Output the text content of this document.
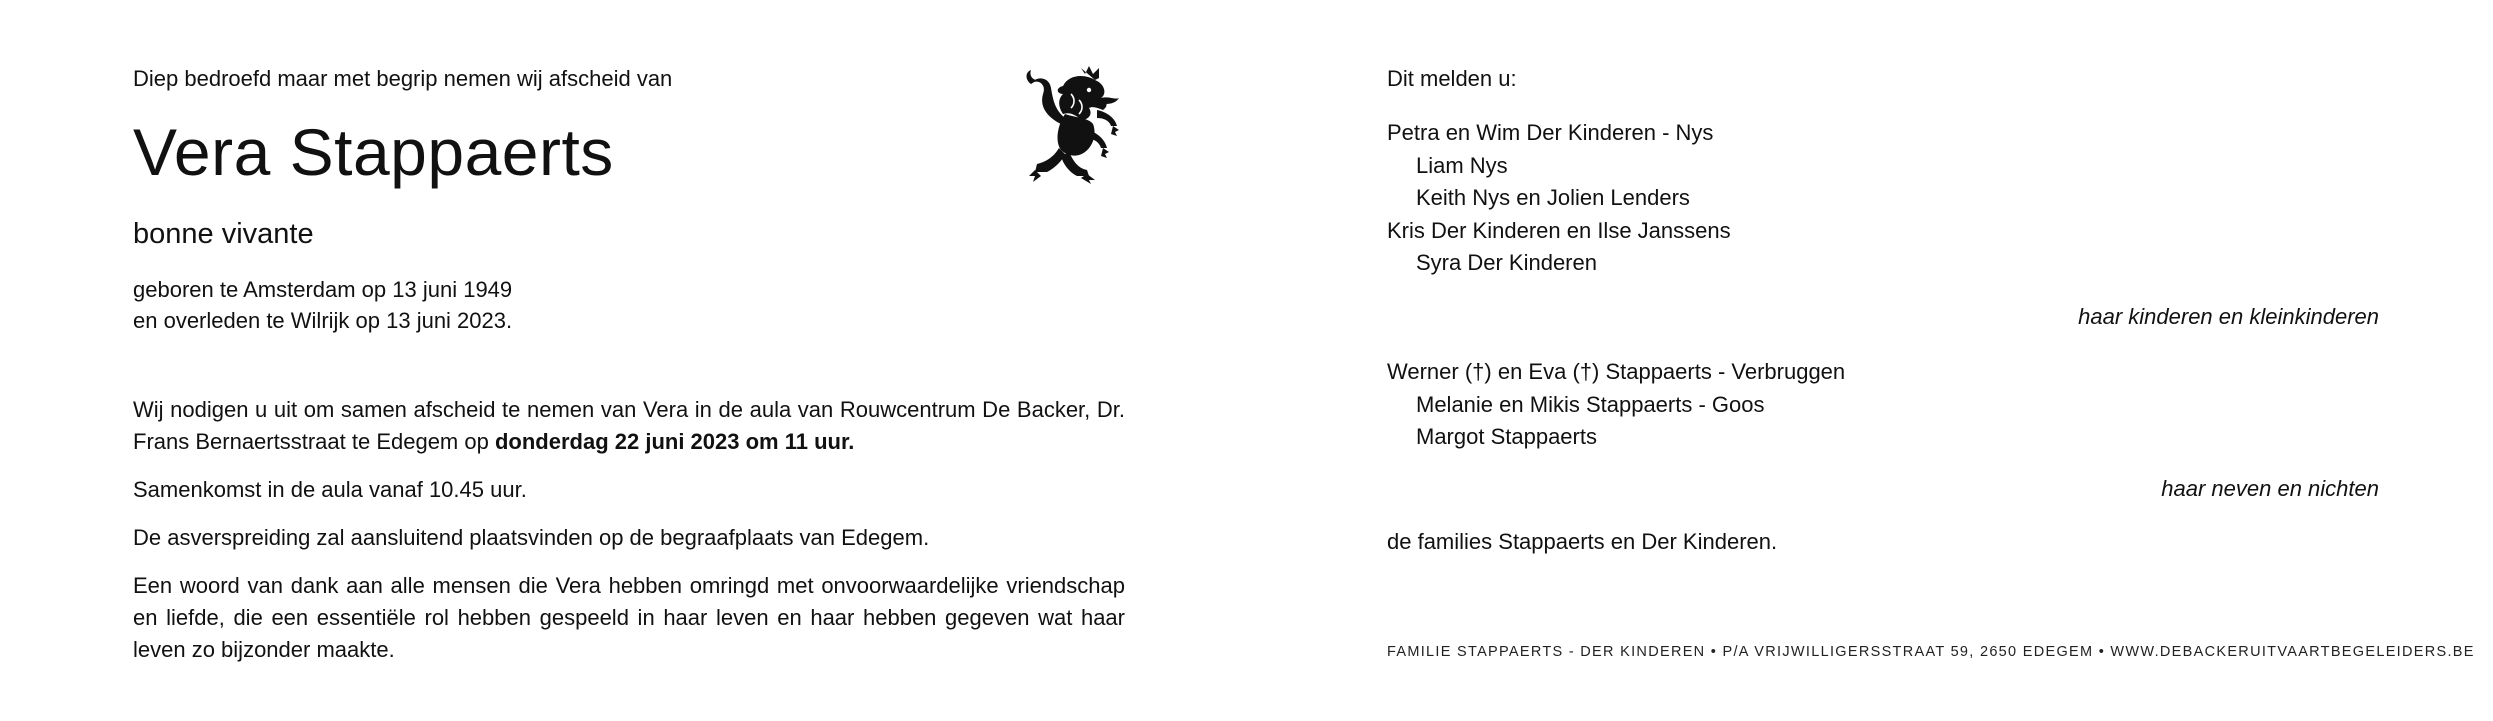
Diep bedroefd maar met begrip nemen wij afscheid van
Vera Stappaerts
bonne vivante
geboren te Amsterdam op 13 juni 1949
en overleden te Wilrijk op 13 juni 2023.

Wij nodigen u uit om samen afscheid te nemen van Vera in de aula van Rouwcentrum De Backer, Dr. Frans Bernaertsstraat te Edegem op donderdag 22 juni 2023 om 11 uur.

Samenkomst in de aula vanaf 10.45 uur.

De asverspreiding zal aansluitend plaatsvinden op de begraafplaats van Edegem.

Een woord van dank aan alle mensen die Vera hebben omringd met onvoorwaardelijke vriendschap en liefde, die een essentiële rol hebben gespeeld in haar leven en haar hebben gegeven wat haar leven zo bijzonder maakte.

Dit melden u:
Petra en Wim Der Kinderen - Nys
Liam Nys
Keith Nys en Jolien Lenders
Kris Der Kinderen en Ilse Janssens
Syra Der Kinderen
haar kinderen en kleinkinderen
Werner (†) en Eva (†) Stappaerts - Verbruggen
Melanie en Mikis Stappaerts - Goos
Margot Stappaerts
haar neven en nichten
de families Stappaerts en Der Kinderen.
FAMILIE STAPPAERTS - DER KINDEREN • P/A VRIJWILLIGERSSTRAAT 59, 2650 EDEGEM • WWW.DEBACKERUITVAARTBEGELEIDERS.BE
